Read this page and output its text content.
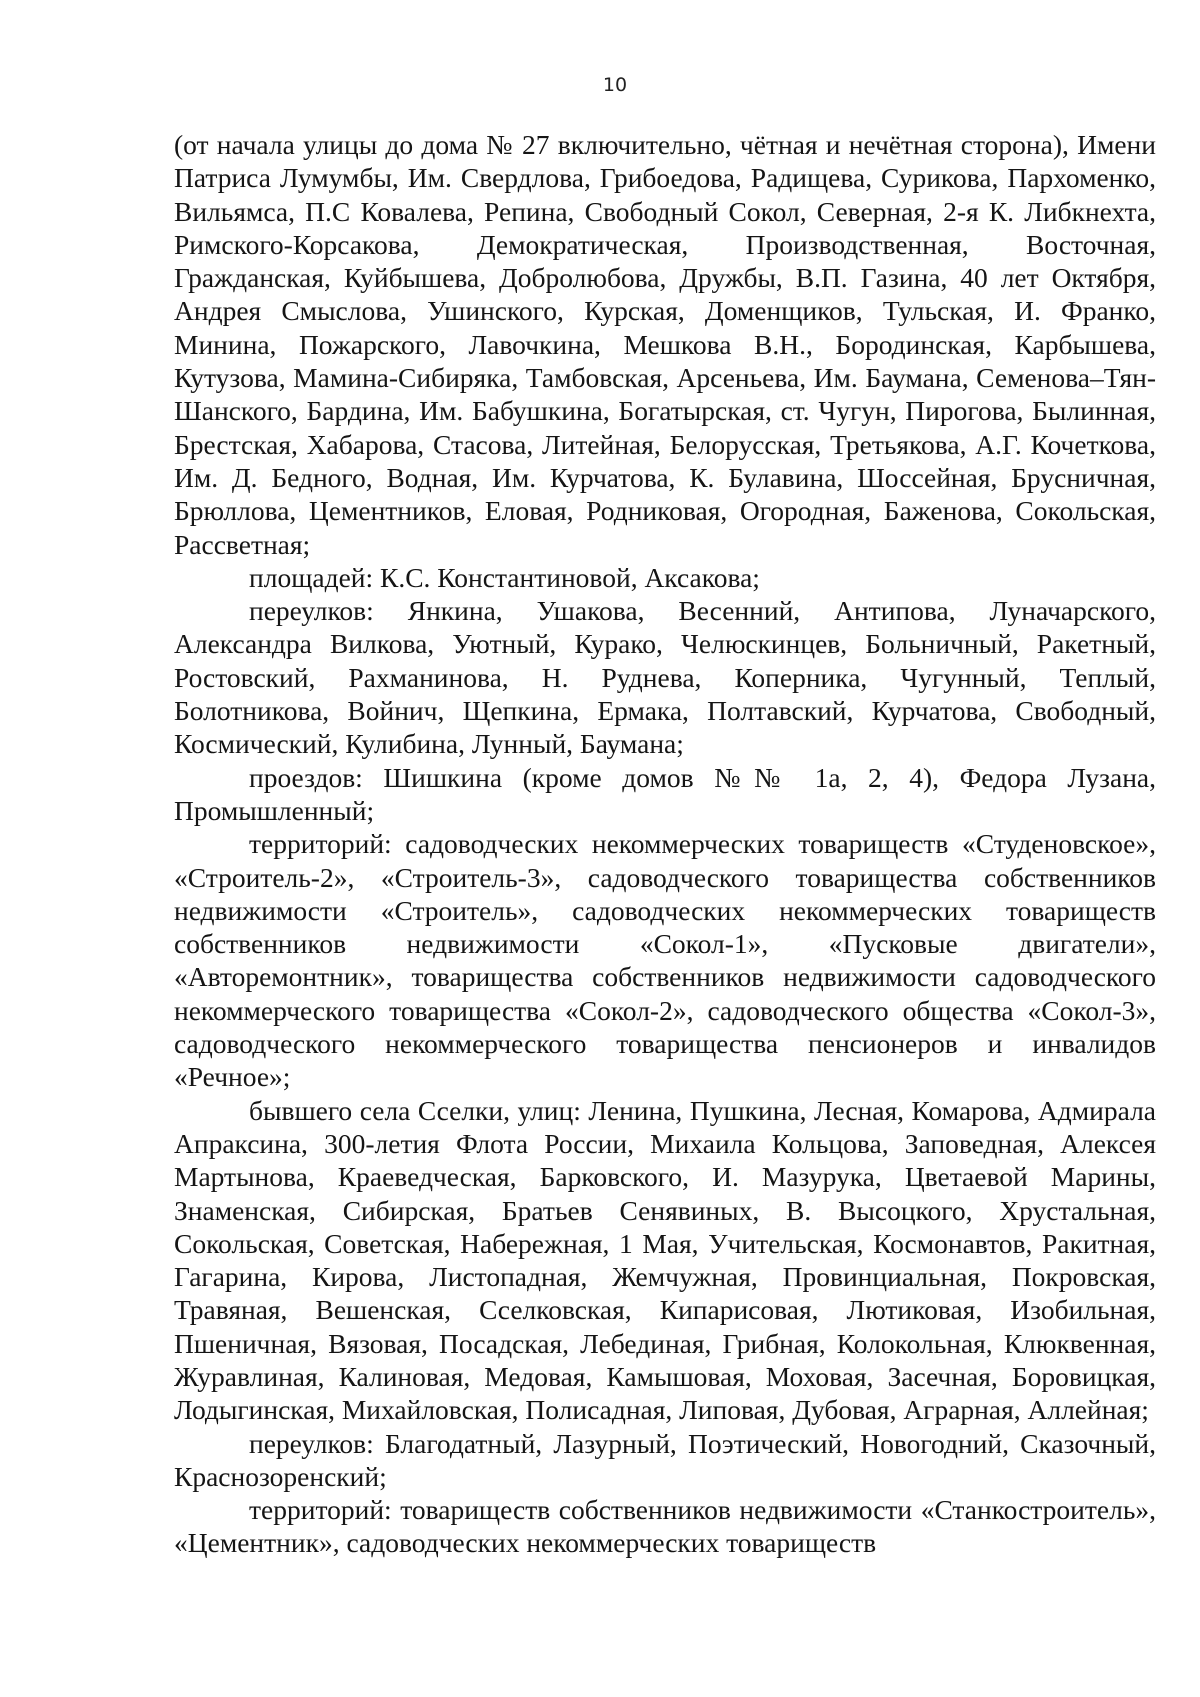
10

(от начала улицы до дома № 27 включительно, чётная и нечётная сторона), Имени Патриса Лумумбы, Им. Свердлова, Грибоедова, Радищева, Сурикова, Пархоменко, Вильямса, П.С Ковалева, Репина, Свободный Сокол, Северная, 2-я К. Либкнехта, Римского-Корсакова, Демократическая, Производственная, Восточная, Гражданская, Куйбышева, Добролюбова, Дружбы, В.П. Газина, 40 лет Октября, Андрея Смыслова, Ушинского, Курская, Доменщиков, Тульская, И. Франко, Минина, Пожарского, Лавочкина, Мешкова В.Н., Бородинская, Карбышева, Кутузова, Мамина-Сибиряка, Тамбовская, Арсеньева, Им. Баумана, Семенова–Тян-Шанского, Бардина, Им. Бабушкина, Богатырская, ст. Чугун, Пирогова, Былинная, Брестская, Хабарова, Стасова, Литейная, Белорусская, Третьякова, А.Г. Кочеткова, Им. Д. Бедного, Водная, Им. Курчатова, К. Булавина, Шоссейная, Брусничная, Брюллова, Цементников, Еловая, Родниковая, Огородная, Баженова, Сокольская, Рассветная;

площадей: К.С. Константиновой, Аксакова;

переулков: Янкина, Ушакова, Весенний, Антипова, Луначарского, Александра Вилкова, Уютный, Курако, Челюскинцев, Больничный, Ракетный, Ростовский, Рахманинова, Н. Руднева, Коперника, Чугунный, Теплый, Болотникова, Войнич, Щепкина, Ермака, Полтавский, Курчатова, Свободный, Космический, Кулибина, Лунный, Баумана;

проездов: Шишкина (кроме домов №№ 1а, 2, 4), Федора Лузана, Промышленный;

территорий: садоводческих некоммерческих товариществ «Студеновское», «Строитель-2», «Строитель-3», садоводческого товарищества собственников недвижимости «Строитель», садоводческих некоммерческих товариществ собственников недвижимости «Сокол-1», «Пусковые двигатели», «Авторемонтник», товарищества собственников недвижимости садоводческого некоммерческого товарищества «Сокол-2», садоводческого общества «Сокол-3», садоводческого некоммерческого товарищества пенсионеров и инвалидов «Речное»;

бывшего села Сселки, улиц: Ленина, Пушкина, Лесная, Комарова, Адмирала Апраксина, 300-летия Флота России, Михаила Кольцова, Заповедная, Алексея Мартынова, Краеведческая, Барковского, И. Мазурука, Цветаевой Марины, Знаменская, Сибирская, Братьев Сенявиных, В. Высоцкого, Хрустальная, Сокольская, Советская, Набережная, 1 Мая, Учительская, Космонавтов, Ракитная, Гагарина, Кирова, Листопадная, Жемчужная, Провинциальная, Покровская, Травяная, Вешенская, Сселковская, Кипарисовая, Лютиковая, Изобильная, Пшеничная, Вязовая, Посадская, Лебединая, Грибная, Колокольная, Клюквенная, Журавлиная, Калиновая, Медовая, Камышовая, Моховая, Засечная, Боровицкая, Лодыгинская, Михайловская, Полисадная, Липовая, Дубовая, Аграрная, Аллейная;

переулков: Благодатный, Лазурный, Поэтический, Новогодний, Сказочный, Краснозоренский;

территорий: товариществ собственников недвижимости «Станкостроитель», «Цементник», садоводческих некоммерческих товариществ
